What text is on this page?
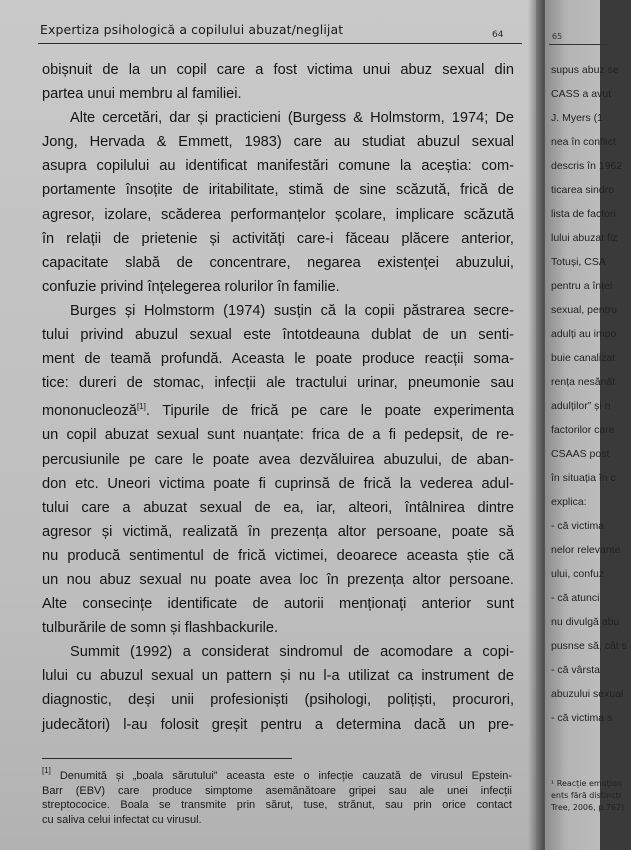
Expertiza psihologică a copilului abuzat/neglijat	64
obișnuit de la un copil care a fost victima unui abuz sexual din
partea unui membru al familiei.
Alte cercetări, dar și practicieni (Burgess & Holmstorm, 1974; De
Jong, Hervada & Emmett, 1983) care au studiat abuzul sexual
asupra copilului au identificat manifestări comune la aceștia: com-
portamente însoțite de iritabilitate, stimă de sine scăzută, frică de
agresor, izolare, scăderea performanțelor școlare, implicare scăzută
în relații de prietenie și activități care-i făceau plăcere anterior,
capacitate slabă de concentrare, negarea existenței abuzului,
confuzie privind înțelegerea rolurilor în familie.
Burges și Holmstorm (1974) susțin că la copii păstrarea secre-
tului privind abuzul sexual este întotdeauna dublat de un senti-
ment de teamă profundă. Aceasta le poate produce reacții soma-
tice: dureri de stomac, infecții ale tractului urinar, pneumonie sau
mononucleoză[1]. Tipurile de frică pe care le poate experimenta
un copil abuzat sexual sunt nuanțate: frica de a fi pedepsit, de re-
percusiunile pe care le poate avea dezvăluirea abuzului, de aban-
don etc. Uneori victima poate fi cuprinsă de frică la vederea adul-
tului care a abuzat sexual de ea, iar, alteori, întâlnirea dintre
agresor și victimă, realizată în prezența altor persoane, poate să
nu producă sentimentul de frică victimei, deoarece aceasta știe că
un nou abuz sexual nu poate avea loc în prezența altor persoane.
Alte consecințe identificate de autorii menționați anterior sunt
tulburările de somn și flashbackurile.
Summit (1992) a considerat sindromul de acomodare a copi-
lului cu abuzul sexual un pattern și nu l-a utilizat ca instrument de
diagnostic, deși unii profesioniști (psihologi, polițiști, procurori,
judecători) l-au folosit greșit pentru a determina dacă un pre-
[1] Denumită și „boala sărutului” aceasta este o infecție cauzată de virusul Epstein-
Barr (EBV) care produce simptome asemănătoare gripei sau ale unei infecții
streptococice. Boala se transmite prin sărut, tuse, strănut, sau prin orice contact
cu saliva celui infectat cu virusul.
65
supus abuz se
CASS a avut
J. Myers (1
nea în conflict
descris în 1962
ticarea sindro
lista de factori
lului abuzat fiz
Totuși, CSA
pentru a înțel
sexual, pentru
adulți au impo
buie canalizat
rența nesănăt
adulților” și n
factorilor care
CSAAS post
în situația în c
explica:
- că victima
nelor relevante
ului, confuz
- că atunci
nu divulgă abu
pusnse să, cât s
- că vârsta
abuzului sexual
- că victima s
¹ Reacție emoțion
ents fără distincți
Tree, 2006, p.762)
